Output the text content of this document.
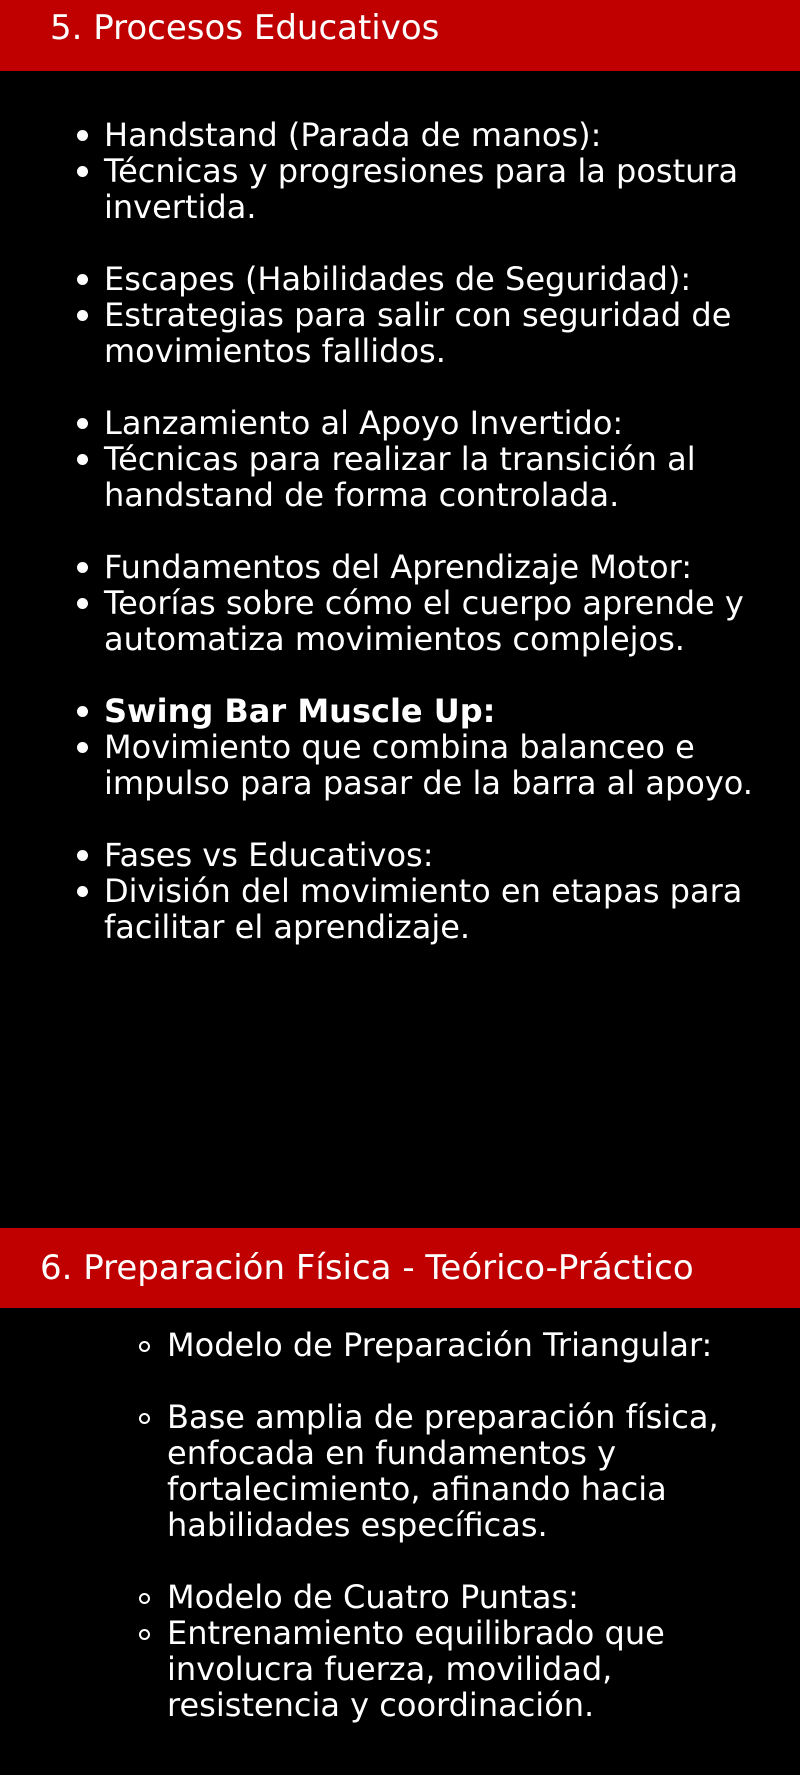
5. Procesos Educativos
Handstand (Parada de manos):
Técnicas y progresiones para la postura invertida.
Escapes (Habilidades de Seguridad):
Estrategias para salir con seguridad de movimientos fallidos.
Lanzamiento al Apoyo Invertido:
Técnicas para realizar la transición al handstand de forma controlada.
Fundamentos del Aprendizaje Motor:
Teorías sobre cómo el cuerpo aprende y automatiza movimientos complejos.
Swing Bar Muscle Up:
Movimiento que combina balanceo e impulso para pasar de la barra al apoyo.
Fases vs Educativos:
División del movimiento en etapas para facilitar el aprendizaje.
6. Preparación Física - Teórico-Práctico
Modelo de Preparación Triangular:
Base amplia de preparación física, enfocada en fundamentos y fortalecimiento, afinando hacia habilidades específicas.
Modelo de Cuatro Puntas:
Entrenamiento equilibrado que involucra fuerza, movilidad, resistencia y coordinación.
